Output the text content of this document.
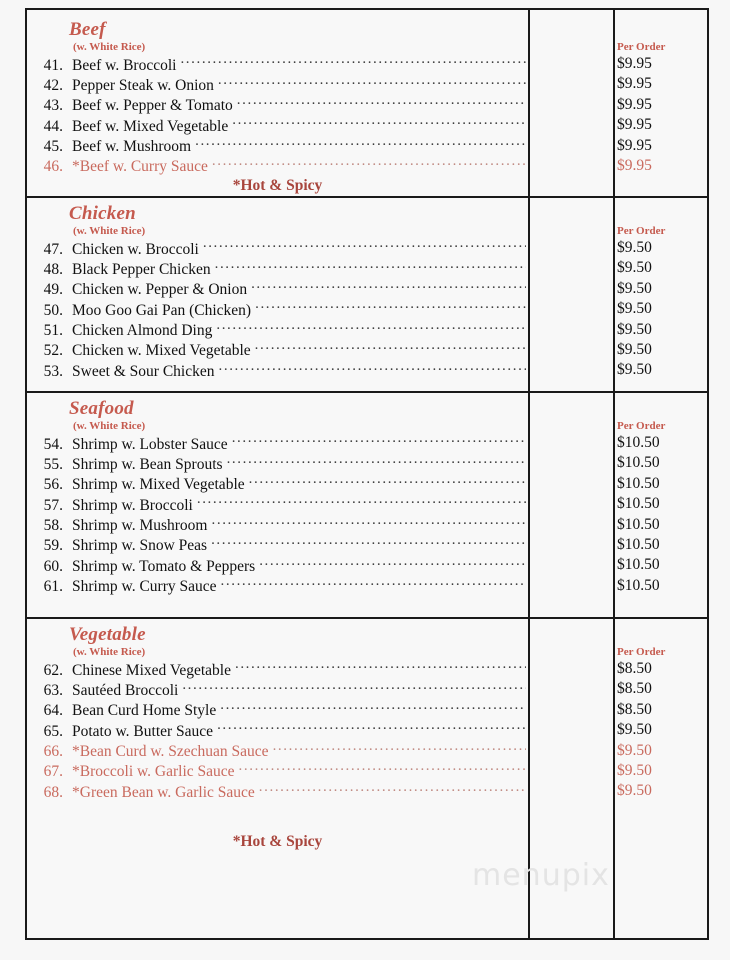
Beef
(w. White Rice)
41. Beef w. Broccoli
.....
42. Pepper Steak w. Onion
.....
43. Beef w. Pepper & Tomato
.....
44. Beef w. Mixed Vegetable
.....
45. Beef w. Mushroom
.....
46. *Beef w. Curry Sauce
.....
*Hot & Spicy
Per Order
$9.95
$9.95
$9.95
$9.95
$9.95
$9.95
Chicken
(w. White Rice)
47. Chicken w. Broccoli
.....
48. Black Pepper Chicken
.....
49. Chicken w. Pepper & Onion
.....
50. Moo Goo Gai Pan (Chicken)
.....
51. Chicken Almond Ding
.....
52. Chicken w. Mixed Vegetable
.....
53. Sweet & Sour Chicken
.....
Per Order
$9.50
$9.50
$9.50
$9.50
$9.50
$9.50
$9.50
Seafood
(w. White Rice)
54. Shrimp w. Lobster Sauce
.....
55. Shrimp w. Bean Sprouts
.....
56. Shrimp w. Mixed Vegetable
.....
57. Shrimp w. Broccoli
.....
58. Shrimp w. Mushroom
.....
59. Shrimp w. Snow Peas
.....
60. Shrimp w. Tomato & Peppers
.....
61. Shrimp w. Curry Sauce
.....
Per Order
$10.50
$10.50
$10.50
$10.50
$10.50
$10.50
$10.50
$10.50
Vegetable
(w. White Rice)
62. Chinese Mixed Vegetable
.....
63. Sautéed Broccoli
.....
64. Bean Curd Home Style
.....
65. Potato w. Butter Sauce
.....
66. *Bean Curd w. Szechuan Sauce
.....
67. *Broccoli w. Garlic Sauce
.....
68. *Green Bean w. Garlic Sauce
.....
*Hot & Spicy
Per Order
$8.50
$8.50
$8.50
$9.50
$9.50
$9.50
$9.50
menupix
